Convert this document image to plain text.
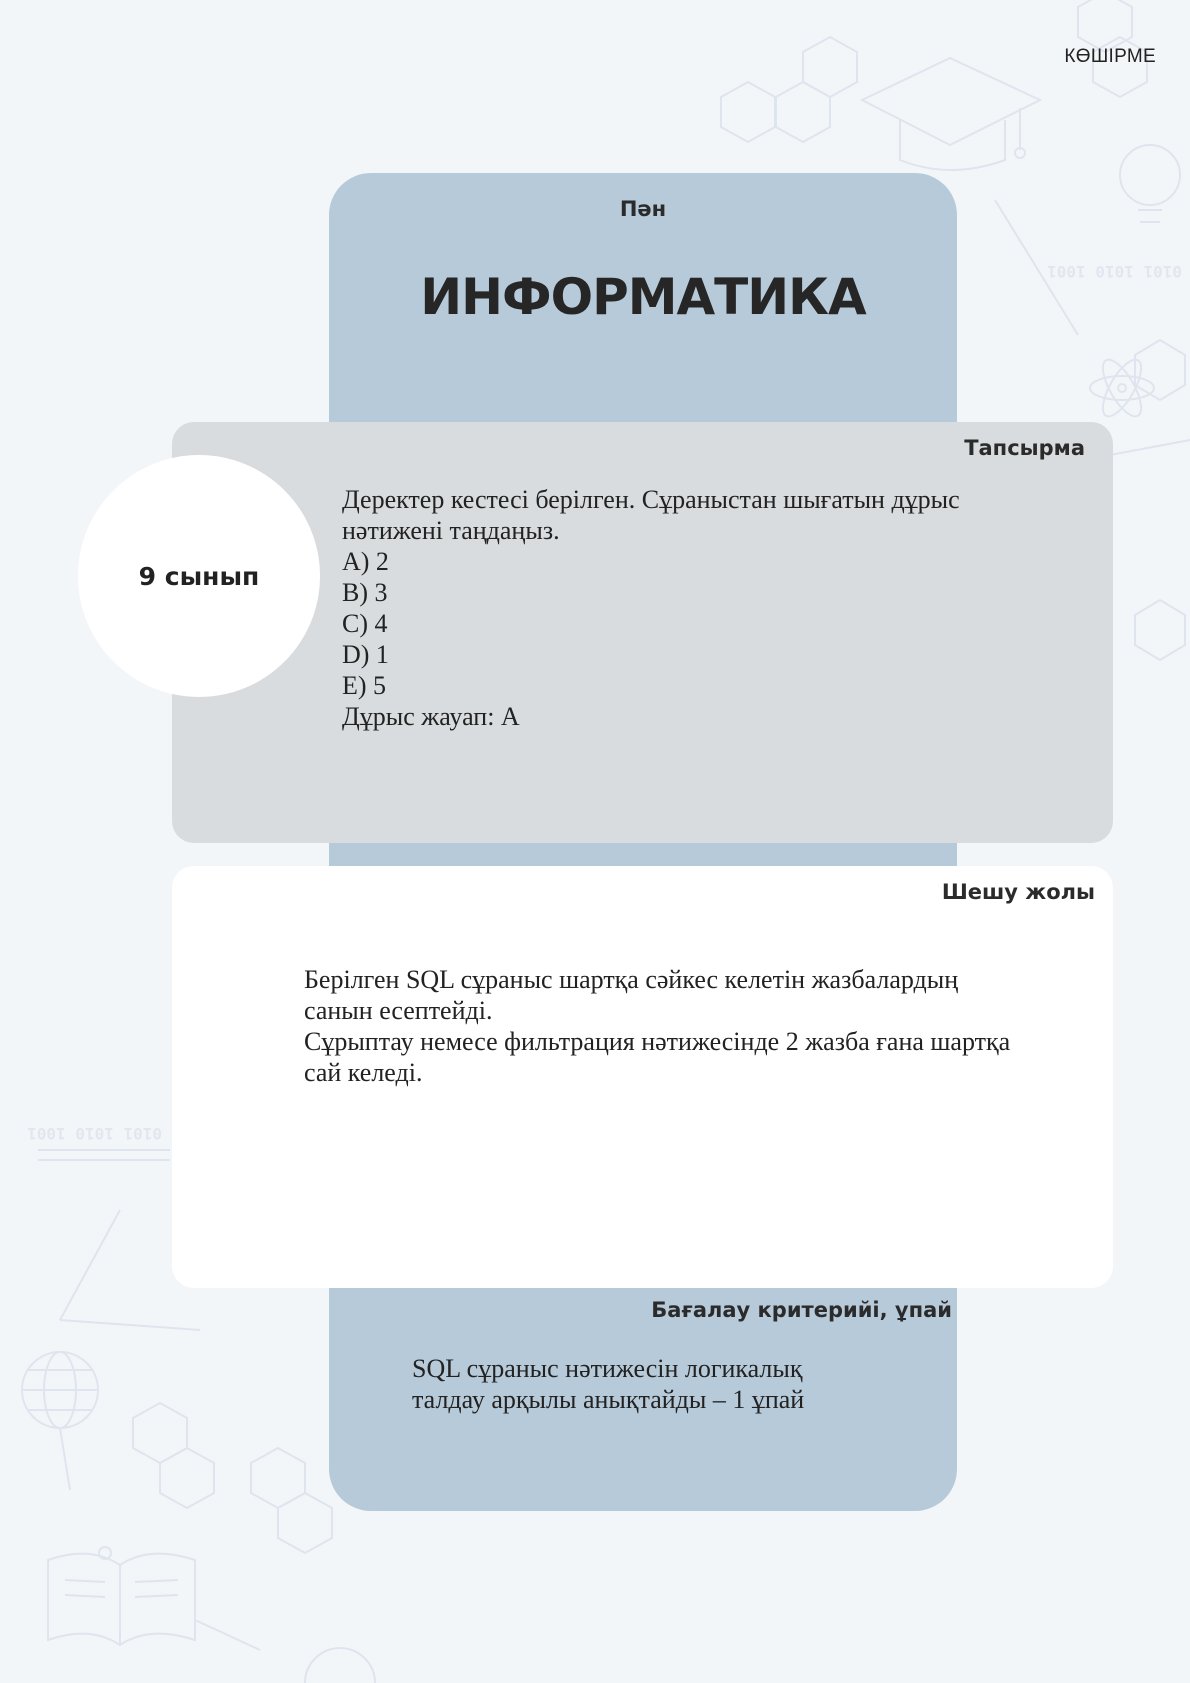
0101 1010 1001
0101 1010 1001
КӨШІРМЕ
Пән
ИНФОРМАТИКА
Тапсырма
Деректер кестесі берілген. Сұраныстан шығатын дұрыс
нәтижені таңдаңыз.
A) 2
B) 3
C) 4
D) 1
E) 5
Дұрыс жауап: A
9 сынып
Шешу жолы
Берілген SQL сұраныс шартқа сәйкес келетін жазбалардың
санын есептейді.
Сұрыптау немесе фильтрация нәтижесінде 2 жазба ғана шартқа
сай келеді.
Бағалау критерийі, ұпай
SQL сұраныс нәтижесін логикалық
талдау арқылы анықтайды – 1 ұпай
